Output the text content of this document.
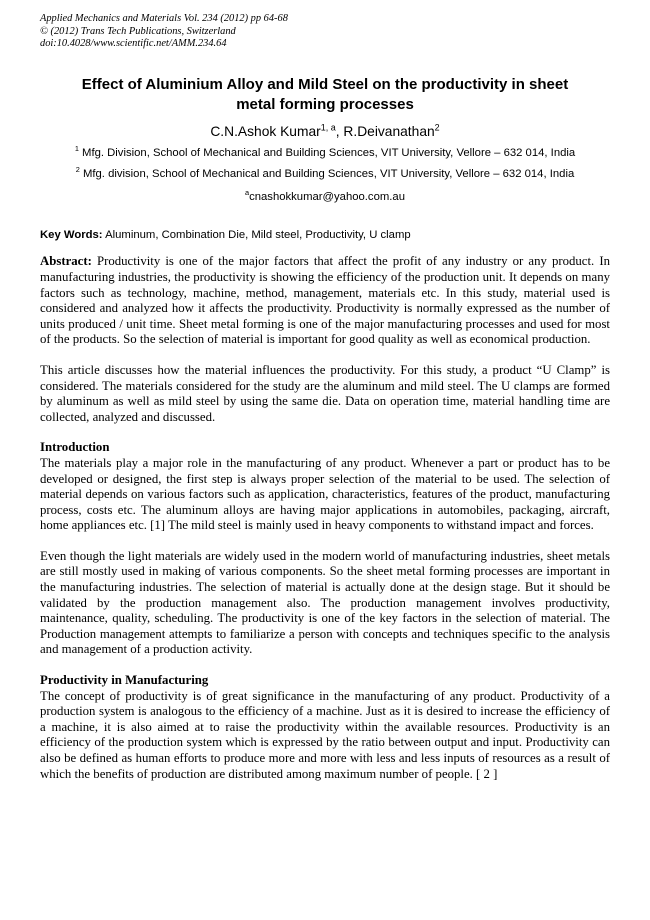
Applied Mechanics and Materials Vol. 234 (2012) pp 64-68
© (2012) Trans Tech Publications, Switzerland
doi:10.4028/www.scientific.net/AMM.234.64
Effect of Aluminium Alloy and Mild Steel on the productivity in sheet metal forming processes
C.N.Ashok Kumar$^{1, a}$, R.Deivanathan$^2$
$^1$ Mfg. Division, School of Mechanical and Building Sciences, VIT University, Vellore – 632 014, India
$^2$ Mfg. division, School of Mechanical and Building Sciences, VIT University, Vellore – 632 014, India
$^a$cnashokkumar@yahoo.com.au
Key Words: Aluminum, Combination Die, Mild steel, Productivity, U clamp

Abstract: Productivity is one of the major factors that affect the profit of any industry or any product. In manufacturing industries, the productivity is showing the efficiency of the production unit. It depends on many factors such as technology, machine, method, management, materials etc. In this study, material used is considered and analyzed how it affects the productivity. Productivity is normally expressed as the number of units produced / unit time. Sheet metal forming is one of the major manufacturing processes and used for most of the products. So the selection of material is important for good quality as well as economical production.

This article discusses how the material influences the productivity. For this study, a product “U Clamp” is considered. The materials considered for the study are the aluminum and mild steel. The U clamps are formed by aluminum as well as mild steel by using the same die. Data on operation time, material handling time are collected, analyzed and discussed.

Introduction

The materials play a major role in the manufacturing of any product. Whenever a part or product has to be developed or designed, the first step is always proper selection of the material to be used. The selection of material depends on various factors such as application, characteristics, features of the product, manufacturing process, costs etc. The aluminum alloys are having major applications in automobiles, packaging, aircraft, home appliances etc. [1] The mild steel is mainly used in heavy components to withstand impact and forces.

Even though the light materials are widely used in the modern world of manufacturing industries, sheet metals are still mostly used in making of various components. So the sheet metal forming processes are important in the manufacturing industries. The selection of material is actually done at the design stage. But it should be validated by the production management also. The production management involves productivity, maintenance, quality, scheduling. The productivity is one of the key factors in the selection of material. The Production management attempts to familiarize a person with concepts and techniques specific to the analysis and management of a production activity.

Productivity in Manufacturing

The concept of productivity is of great significance in the manufacturing of any product. Productivity of a production system is analogous to the efficiency of a machine. Just as it is desired to increase the efficiency of a machine, it is also aimed at to raise the productivity within the available resources. Productivity is an efficiency of the production system which is expressed by the ratio between output and input. Productivity can also be defined as human efforts to produce more and more with less and less inputs of resources as a result of which the benefits of production are distributed among maximum number of people. [ 2 ]
